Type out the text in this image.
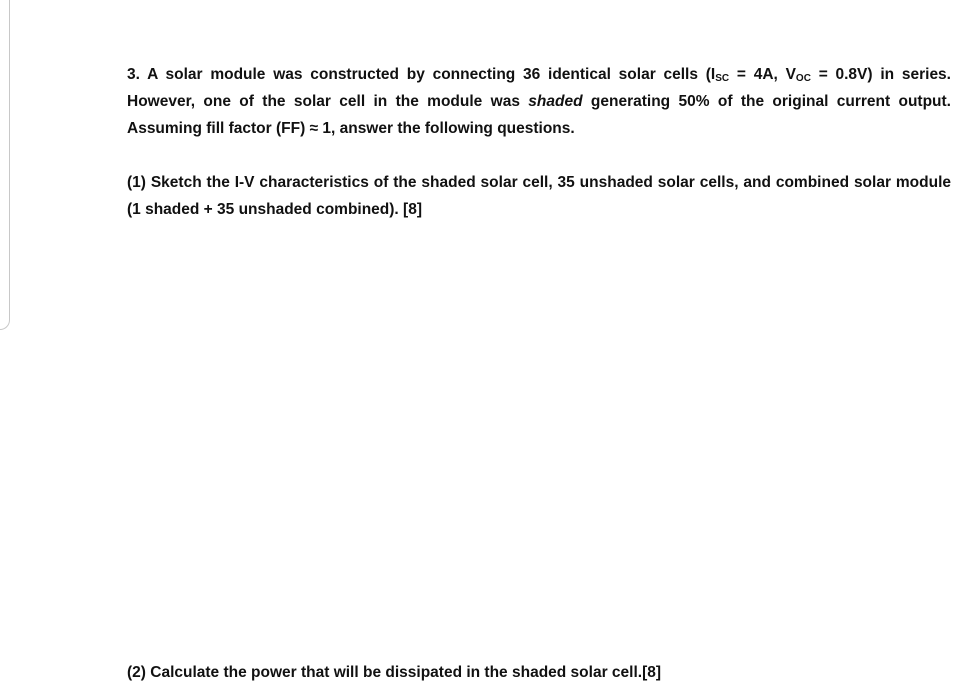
3. A solar module was constructed by connecting 36 identical solar cells ($I_{SC} = 4A$, $V_{OC} = 0.8V$) in series. However, one of the solar cell in the module was shaded generating 50% of the original current output. Assuming fill factor (FF) ≈ 1, answer the following questions.

(1) Sketch the I-V characteristics of the shaded solar cell, 35 unshaded solar cells, and combined solar module (1 shaded + 35 unshaded combined). [8]

(2) Calculate the power that will be dissipated in the shaded solar cell.[8]
